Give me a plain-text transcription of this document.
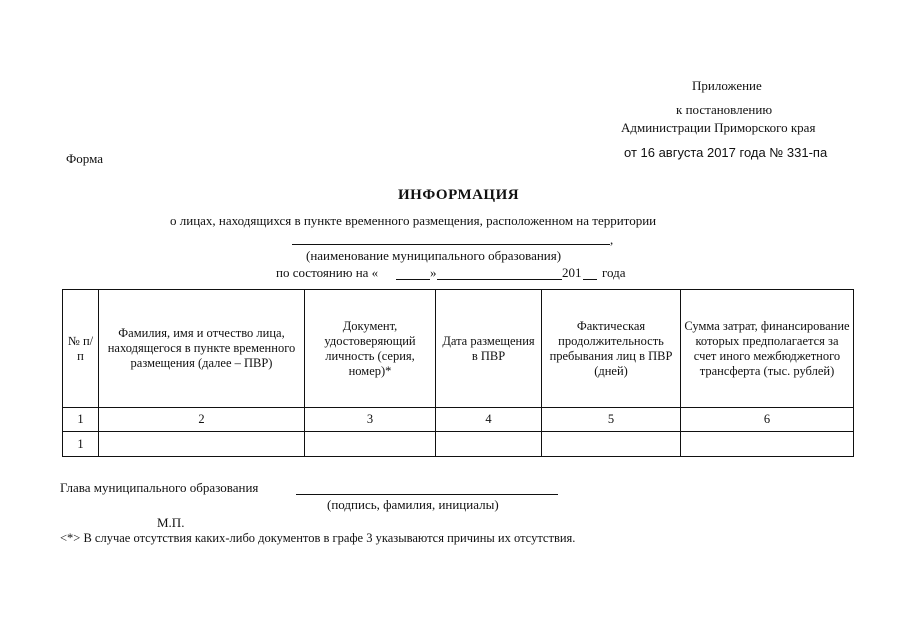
Приложение
к постановлению
Администрации Приморского края
от 16 августа 2017 года № 331-па
Форма
ИНФОРМАЦИЯ
о лицах, находящихся в пункте временного размещения, расположенном на территории
,
(наименование муниципального образования)
по состоянию на «	»	201 года
№ п/п	Фамилия, имя и отчество лица, находящегося в пункте временного размещения (далее – ПВР)	Документ, удостоверяющий личность (серия, номер)*	Дата размещения в ПВР	Фактическая продолжительность пребывания лиц в ПВР (дней)	Сумма затрат, финансирование которых предполагается за счет иного межбюджетного трансферта (тыс. рублей)
1	2	3	4	5	6
1					
Глава муниципального образования
(подпись, фамилия, инициалы)
М.П.
<*> В случае отсутствия каких-либо документов в графе 3 указываются причины их отсутствия.
